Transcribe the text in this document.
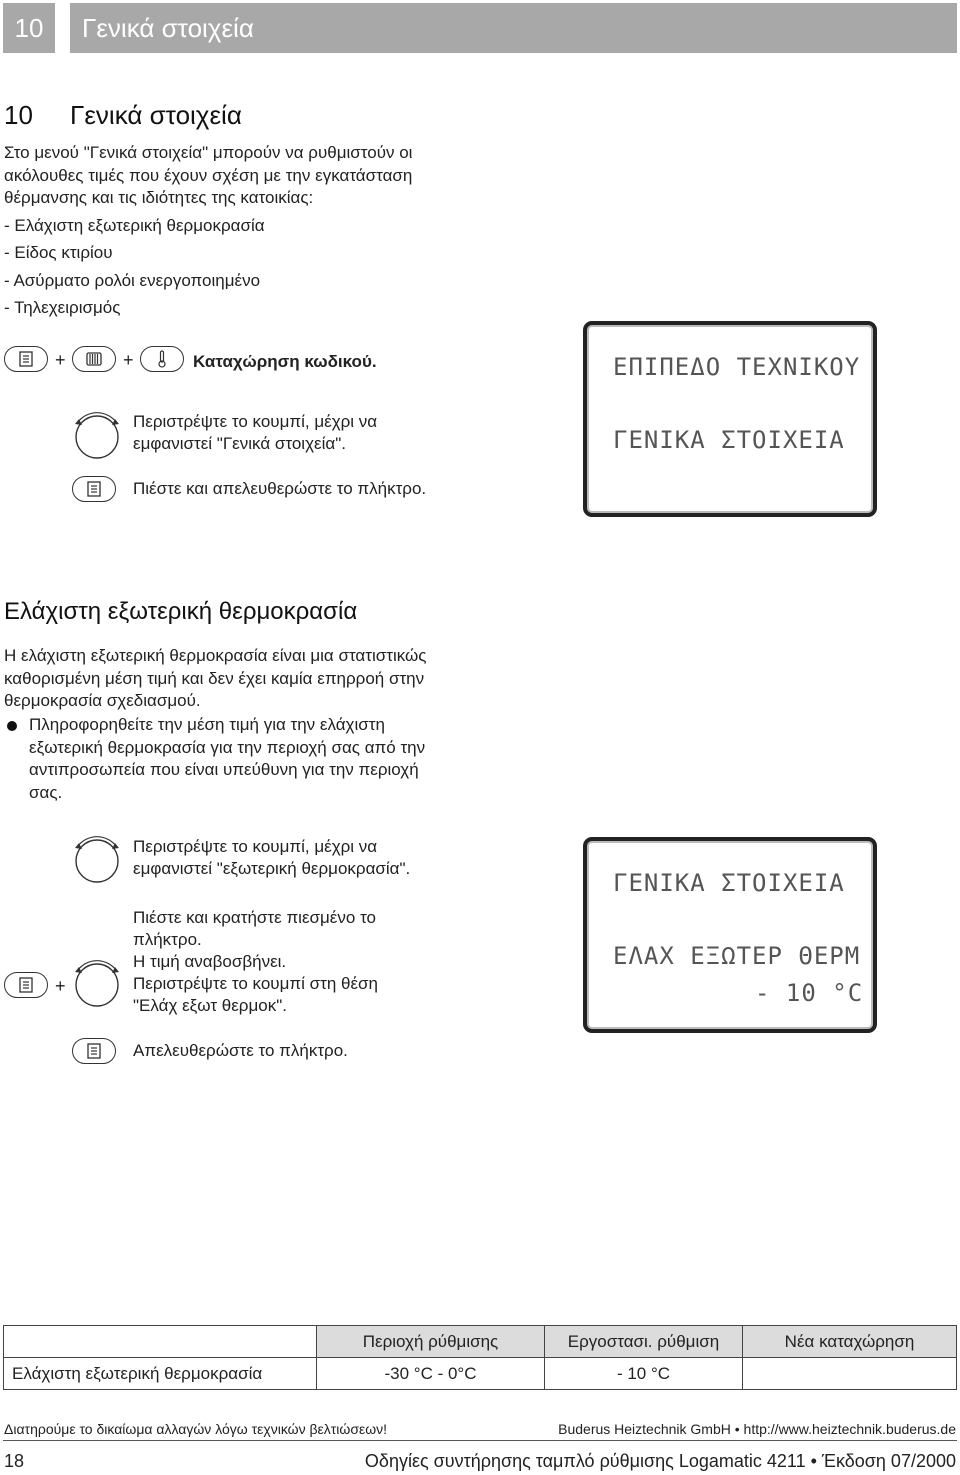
10	Γενικά στοιχεία
10 Γενικά στοιχεία
Στο μενού "Γενικά στοιχεία" μπορούν να ρυθμιστούν οι
ακόλουθες τιμές που έχουν σχέση με την εγκατάσταση
θέρμανσης και τις ιδιότητες της κατοικίας:
- Ελάχιστη εξωτερική θερμοκρασία
- Είδος κτιρίου
- Ασύρματο ρολόι ενεργοποιημένο
- Τηλεχειρισμός
+	+	Καταχώρηση κωδικού.
Περιστρέψτε το κουμπί, μέχρι να
εμφανιστεί "Γενικά στοιχεία".
Πιέστε και απελευθερώστε το πλήκτρο.
ΕΠΙΠΕΔΟ ΤΕΧΝΙΚΟΥ
ΓΕΝΙΚΑ ΣΤΟΙΧΕΙΑ
Ελάχιστη εξωτερική θερμοκρασία
Η ελάχιστη εξωτερική θερμοκρασία είναι μια στατιστικώς
καθορισμένη μέση τιμή και δεν έχει καμία επηρροή στην
θερμοκρασία σχεδιασμού.
Πληροφορηθείτε την μέση τιμή για την ελάχιστη
εξωτερική θερμοκρασία για την περιοχή σας από την
αντιπροσωπεία που είναι υπεύθυνη για την περιοχή
σας.
Περιστρέψτε το κουμπί, μέχρι να
εμφανιστεί "εξωτερική θερμοκρασία".
+
Πιέστε και κρατήστε πιεσμένο το
πλήκτρο.
Η τιμή αναβοσβήνει.
Περιστρέψτε το κουμπί στη θέση
"Ελάχ εξωτ θερμοκ".
Απελευθερώστε το πλήκτρο.
ΓΕΝΙΚΑ ΣΤΟΙΧΕΙΑ
ΕΛΑΧ ΕΞΩΤΕΡ ΘΕΡΜ
- 10 °C
	Περιοχή ρύθμισης	Εργοστασι. ρύθμιση	Νέα καταχώρηση
Ελάχιστη εξωτερική θερμοκρασία	-30 °C - 0°C	- 10 °C	
Διατηρούμε το δικαίωμα αλλαγών λόγω τεχνικών βελτιώσεων!	Buderus Heiztechnik GmbH • http://www.heiztechnik.buderus.de
18	Οδηγίες συντήρησης ταμπλό ρύθμισης Logamatic 4211 • Έκδοση 07/2000
